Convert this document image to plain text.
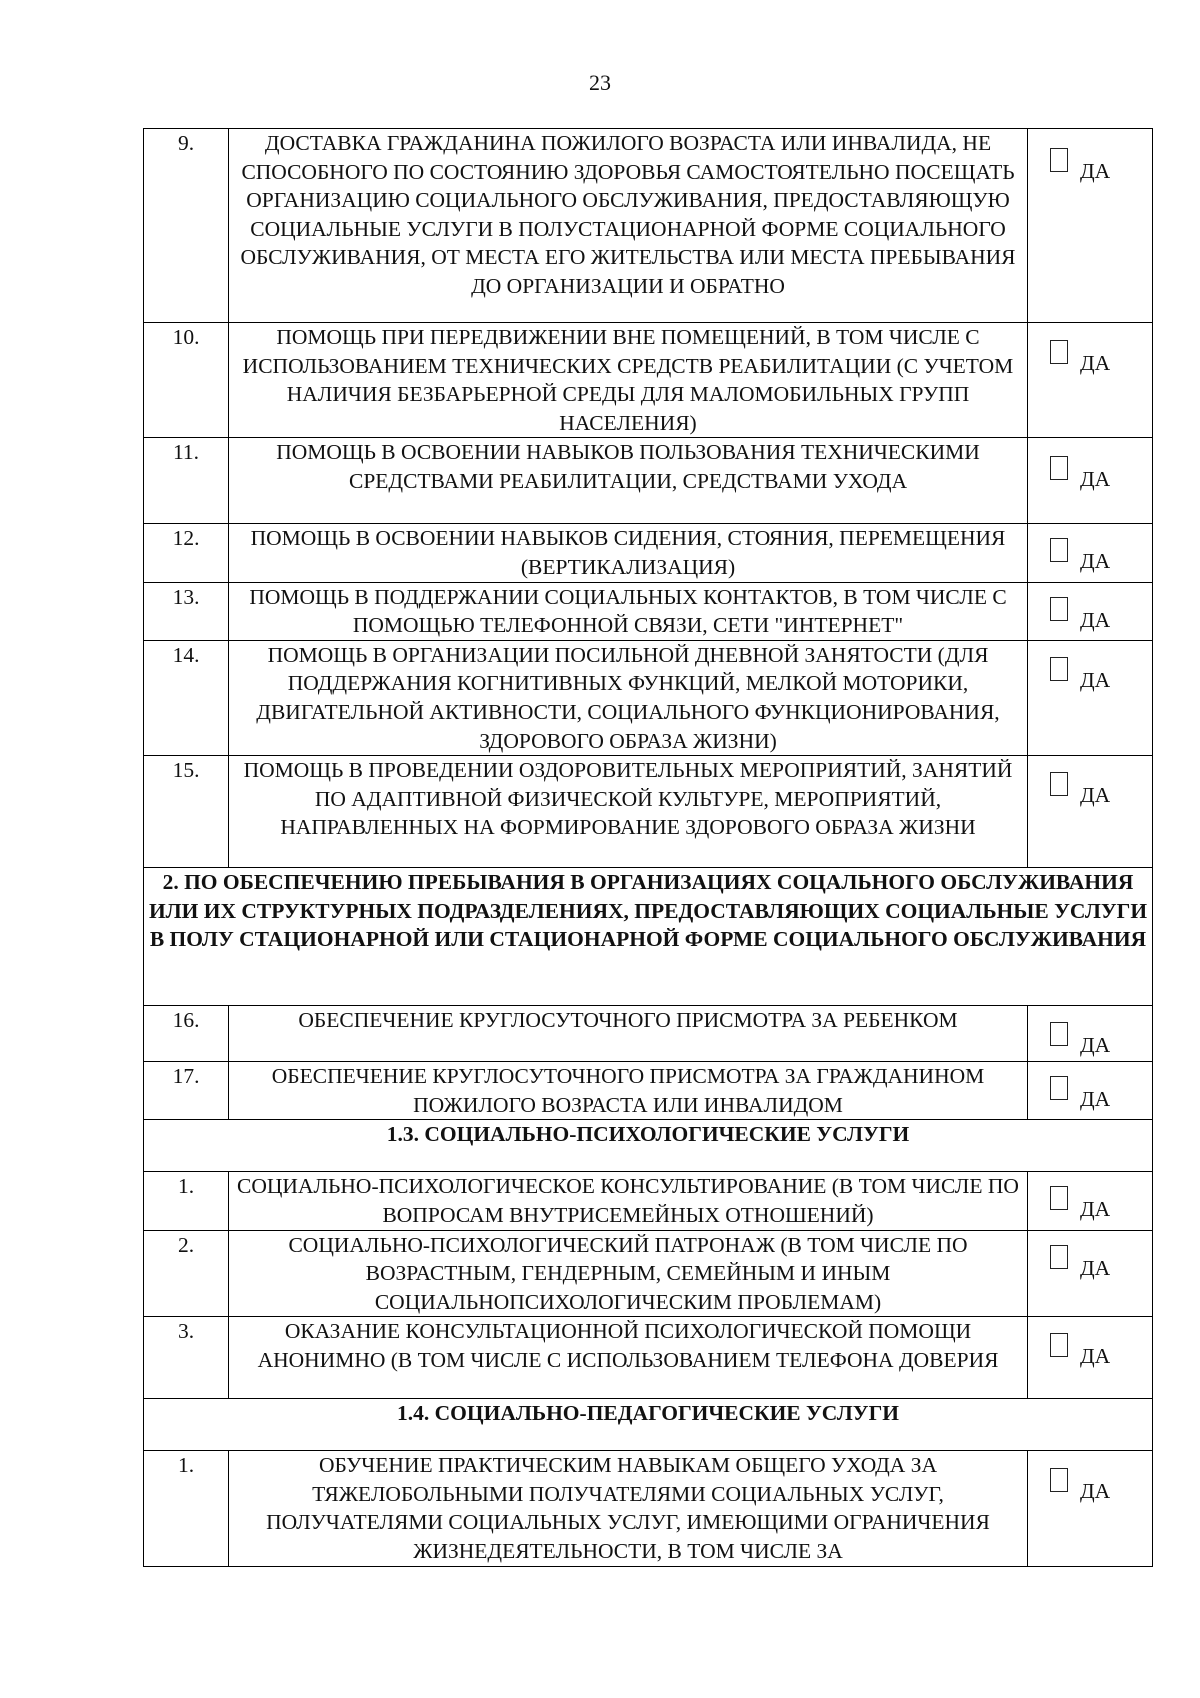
23
9.	ДОСТАВКА ГРАЖДАНИНА ПОЖИЛОГО ВОЗРАСТА ИЛИ ИНВАЛИДА, НЕ СПОСОБНОГО ПО СОСТОЯНИЮ ЗДОРОВЬЯ САМОСТОЯТЕЛЬНО ПОСЕЩАТЬ ОРГАНИЗАЦИЮ СОЦИАЛЬНОГО ОБСЛУЖИВАНИЯ, ПРЕДОСТАВЛЯЮЩУЮ СОЦИАЛЬНЫЕ УСЛУГИ В ПОЛУСТАЦИОНАРНОЙ ФОРМЕ СОЦИАЛЬНОГО ОБСЛУЖИВАНИЯ, ОТ МЕСТА ЕГО ЖИТЕЛЬСТВА ИЛИ МЕСТА ПРЕБЫВАНИЯ ДО ОРГАНИЗАЦИИ И ОБРАТНО	ДА

10.	ПОМОЩЬ ПРИ ПЕРЕДВИЖЕНИИ ВНЕ ПОМЕЩЕНИЙ, В ТОМ ЧИСЛЕ С ИСПОЛЬЗОВАНИЕМ ТЕХНИЧЕСКИХ СРЕДСТВ РЕАБИЛИТАЦИИ (С УЧЕТОМ НАЛИЧИЯ БЕЗБАРЬЕРНОЙ СРЕДЫ ДЛЯ МАЛОМОБИЛЬНЫХ ГРУПП НАСЕЛЕНИЯ)	ДА

11.	ПОМОЩЬ В ОСВОЕНИИ НАВЫКОВ ПОЛЬЗОВАНИЯ ТЕХНИЧЕСКИМИ СРЕДСТВАМИ РЕАБИЛИТАЦИИ, СРЕДСТВАМИ УХОДА	ДА

12.	ПОМОЩЬ В ОСВОЕНИИ НАВЫКОВ СИДЕНИЯ, СТОЯНИЯ, ПЕРЕМЕЩЕНИЯ (ВЕРТИКАЛИЗАЦИЯ)	ДА

13.	ПОМОЩЬ В ПОДДЕРЖАНИИ СОЦИАЛЬНЫХ КОНТАКТОВ, В ТОМ ЧИСЛЕ С ПОМОЩЬЮ ТЕЛЕФОННОЙ СВЯЗИ, СЕТИ "ИНТЕРНЕТ"	ДА

14.	ПОМОЩЬ В ОРГАНИЗАЦИИ ПОСИЛЬНОЙ ДНЕВНОЙ ЗАНЯТОСТИ (ДЛЯ ПОДДЕРЖАНИЯ КОГНИТИВНЫХ ФУНКЦИЙ, МЕЛКОЙ МОТОРИКИ, ДВИГАТЕЛЬНОЙ АКТИВНОСТИ, СОЦИАЛЬНОГО ФУНКЦИОНИРОВАНИЯ, ЗДОРОВОГО ОБРАЗА ЖИЗНИ)	ДА

15.	ПОМОЩЬ В ПРОВЕДЕНИИ ОЗДОРОВИТЕЛЬНЫХ МЕРОПРИЯТИЙ, ЗАНЯТИЙ ПО АДАПТИВНОЙ ФИЗИЧЕСКОЙ КУЛЬТУРЕ, МЕРОПРИЯТИЙ, НАПРАВЛЕННЫХ НА ФОРМИРОВАНИЕ ЗДОРОВОГО ОБРАЗА ЖИЗНИ	ДА

2. ПО ОБЕСПЕЧЕНИЮ ПРЕБЫВАНИЯ В ОРГАНИЗАЦИЯХ СОЦАЛЬНОГО ОБСЛУЖИВАНИЯ ИЛИ ИХ СТРУКТУРНЫХ ПОДРАЗДЕЛЕНИЯХ, ПРЕДОСТАВЛЯЮЩИХ СОЦИАЛЬНЫЕ УСЛУГИ В ПОЛУ СТАЦИОНАРНОЙ ИЛИ СТАЦИОНАРНОЙ ФОРМЕ СОЦИАЛЬНОГО ОБСЛУЖИВАНИЯ		
16.	ОБЕСПЕЧЕНИЕ КРУГЛОСУТОЧНОГО ПРИСМОТРА ЗА РЕБЕНКОМ	ДА

17.	ОБЕСПЕЧЕНИЕ КРУГЛОСУТОЧНОГО ПРИСМОТРА ЗА ГРАЖДАНИНОМ ПОЖИЛОГО ВОЗРАСТА ИЛИ ИНВАЛИДОМ	ДА

1.3. СОЦИАЛЬНО-ПСИХОЛОГИЧЕСКИЕ УСЛУГИ		
1.	СОЦИАЛЬНО-ПСИХОЛОГИЧЕСКОЕ КОНСУЛЬТИРОВАНИЕ (В ТОМ ЧИСЛЕ ПО ВОПРОСАМ ВНУТРИСЕМЕЙНЫХ ОТНОШЕНИЙ)	ДА

2.	СОЦИАЛЬНО-ПСИХОЛОГИЧЕСКИЙ ПАТРОНАЖ (В ТОМ ЧИСЛЕ ПО ВОЗРАСТНЫМ, ГЕНДЕРНЫМ, СЕМЕЙНЫМ И ИНЫМ СОЦИАЛЬНОПСИХОЛОГИЧЕСКИМ ПРОБЛЕМАМ)	ДА

3.	ОКАЗАНИЕ КОНСУЛЬТАЦИОННОЙ ПСИХОЛОГИЧЕСКОЙ ПОМОЩИ АНОНИМНО (В ТОМ ЧИСЛЕ С ИСПОЛЬЗОВАНИЕМ ТЕЛЕФОНА ДОВЕРИЯ	ДА

1.4. СОЦИАЛЬНО-ПЕДАГОГИЧЕСКИЕ УСЛУГИ		
1.	ОБУЧЕНИЕ ПРАКТИЧЕСКИМ НАВЫКАМ ОБЩЕГО УХОДА ЗА ТЯЖЕЛОБОЛЬНЫМИ ПОЛУЧАТЕЛЯМИ СОЦИАЛЬНЫХ УСЛУГ, ПОЛУЧАТЕЛЯМИ СОЦИАЛЬНЫХ УСЛУГ, ИМЕЮЩИМИ ОГРАНИЧЕНИЯ ЖИЗНЕДЕЯТЕЛЬНОСТИ, В ТОМ ЧИСЛЕ ЗА	ДА
